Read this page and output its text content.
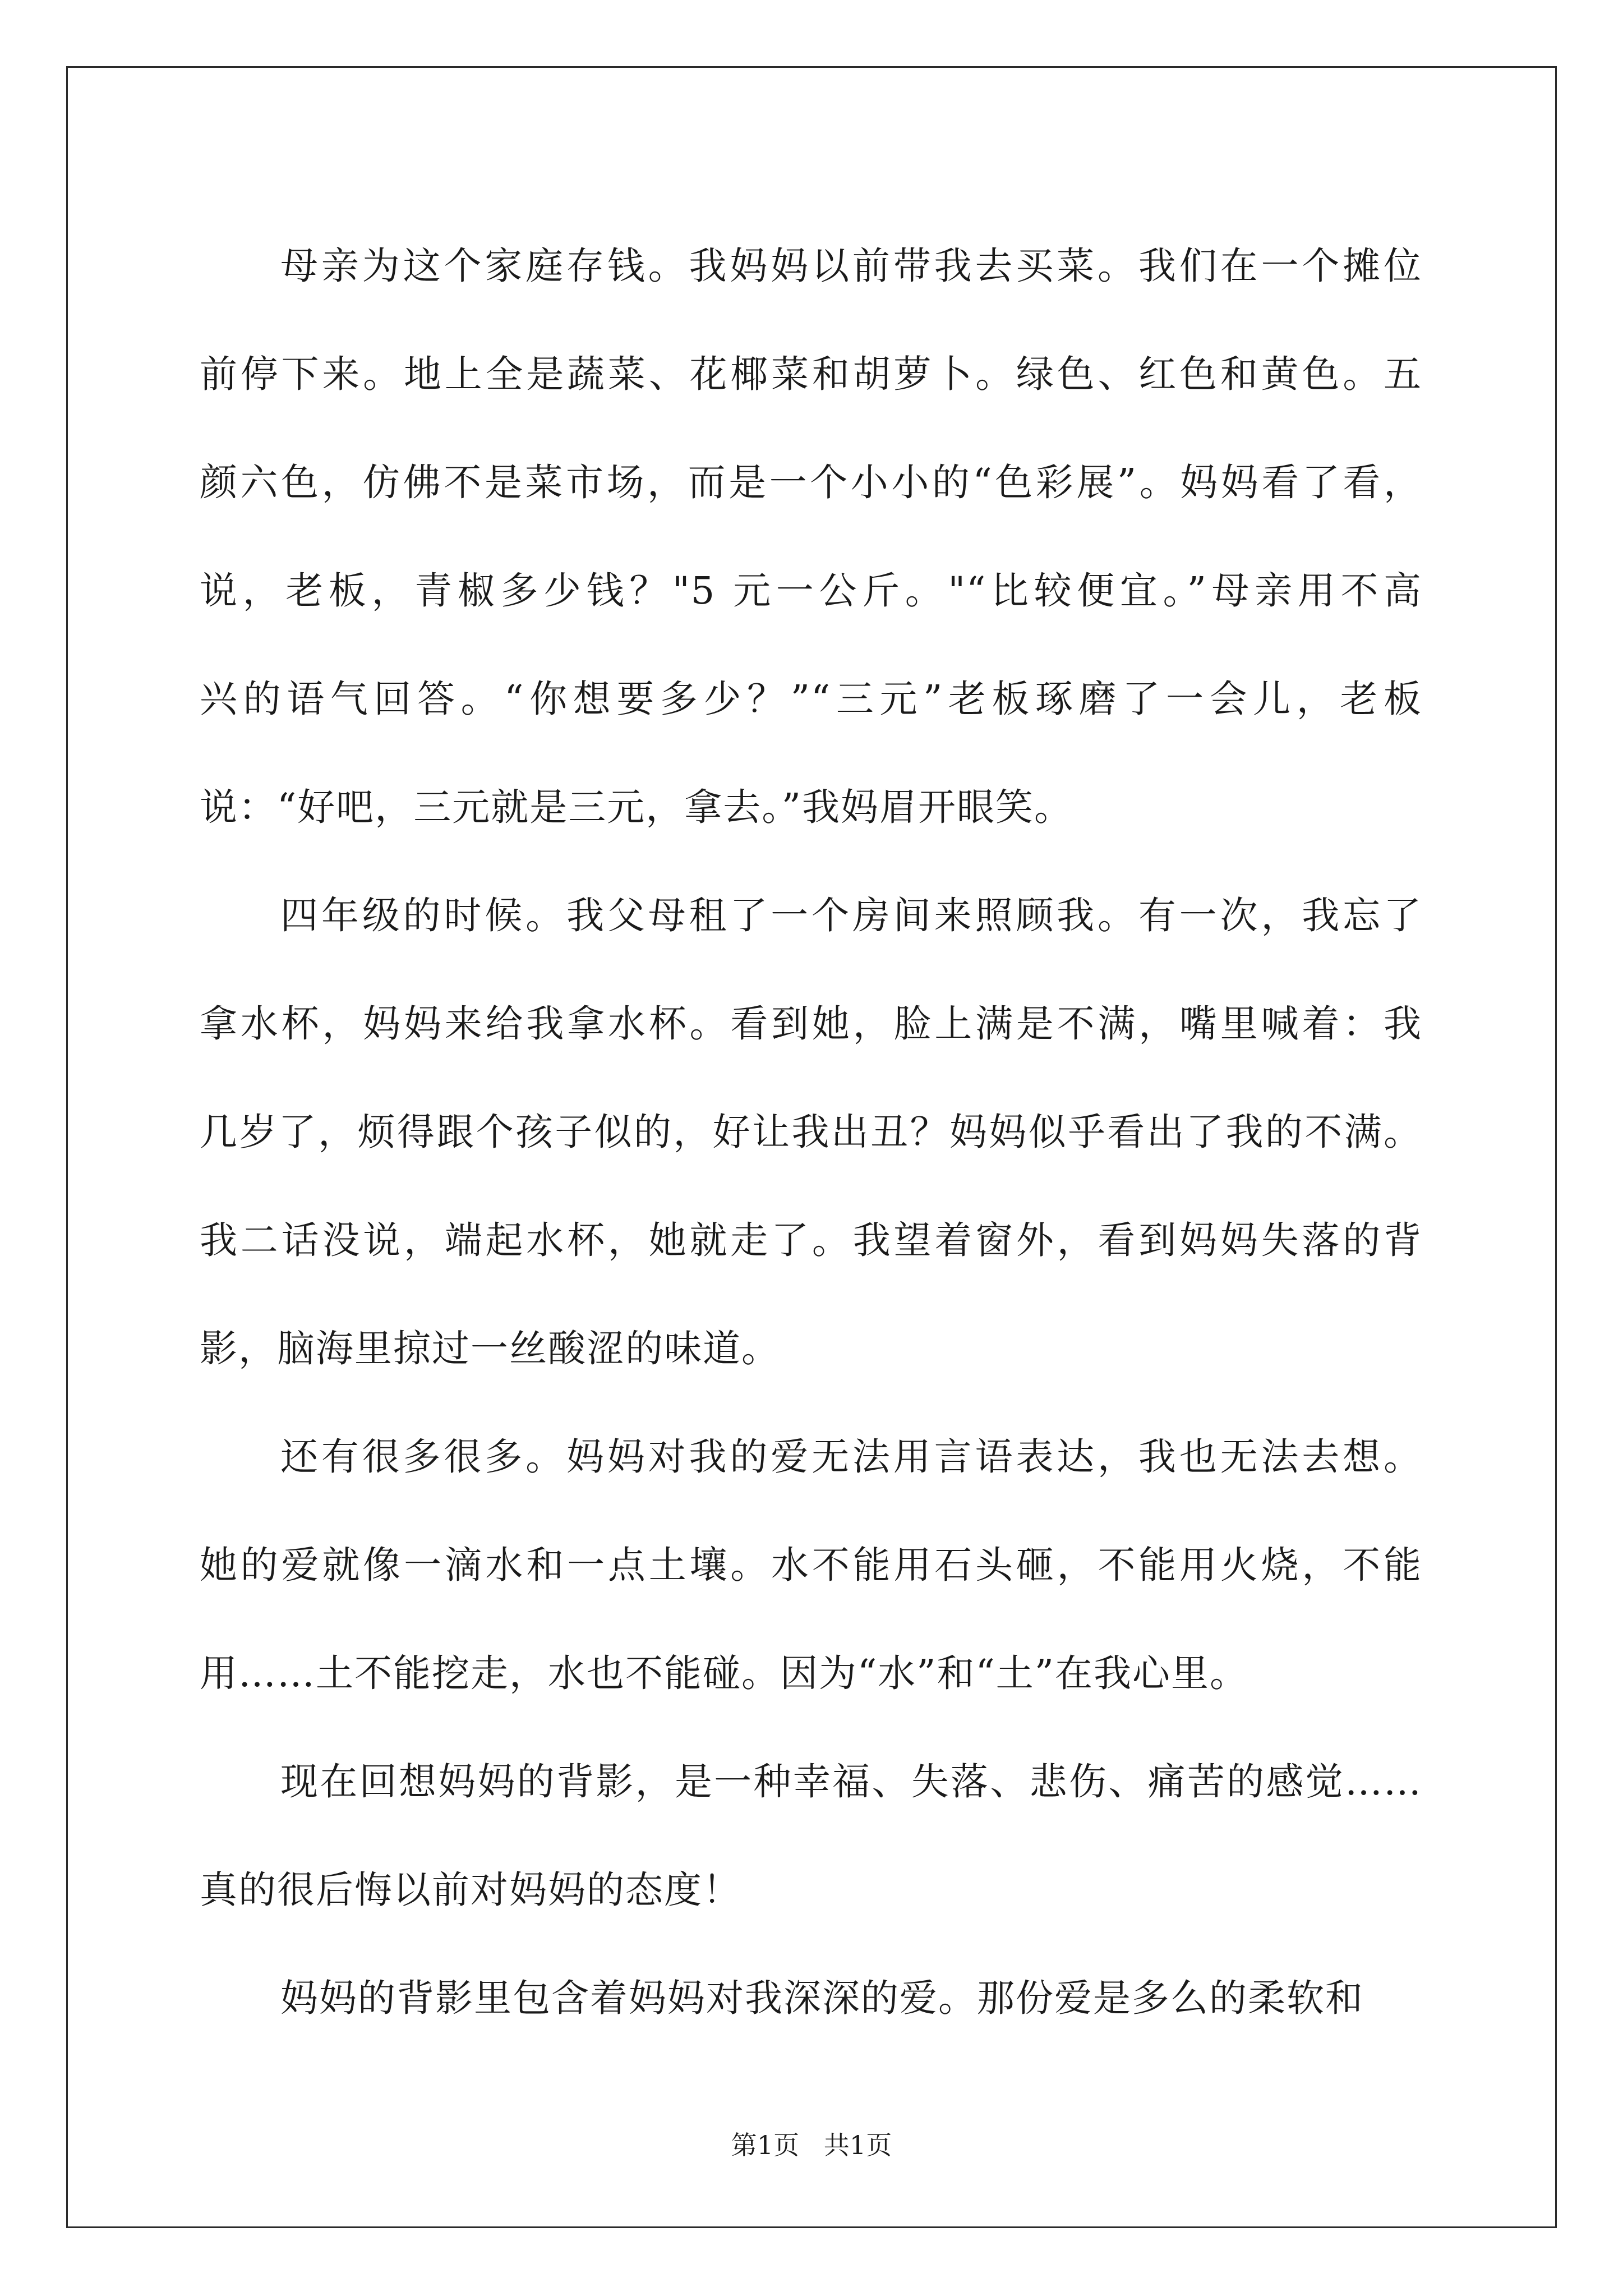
母亲为这个家庭存钱。我妈妈以前带我去买菜。我们在一个摊位
前停下来。地上全是蔬菜、花椰菜和胡萝卜。绿色、红色和黄色。五
颜六色，仿佛不是菜市场，而是一个小小的“色彩展”。妈妈看了看，
说，老板，青椒多少钱？"5 元一公斤。"“比较便宜。”母亲用不高
兴的语气回答。“你想要多少？”“三元”老板琢磨了一会儿，老板
说：“好吧，三元就是三元，拿去。”我妈眉开眼笑。
四年级的时候。我父母租了一个房间来照顾我。有一次，我忘了
拿水杯，妈妈来给我拿水杯。看到她，脸上满是不满，嘴里喊着：我
几岁了，烦得跟个孩子似的，好让我出丑？妈妈似乎看出了我的不满。
我二话没说，端起水杯，她就走了。我望着窗外，看到妈妈失落的背
影，脑海里掠过一丝酸涩的味道。
还有很多很多。妈妈对我的爱无法用言语表达，我也无法去想。
她的爱就像一滴水和一点土壤。水不能用石头砸，不能用火烧，不能
用……土不能挖走，水也不能碰。因为“水”和“土”在我心里。
现在回想妈妈的背影，是一种幸福、失落、悲伤、痛苦的感觉……
真的很后悔以前对妈妈的态度！
妈妈的背影里包含着妈妈对我深深的爱。那份爱是多么的柔软和
第1页   共1页
